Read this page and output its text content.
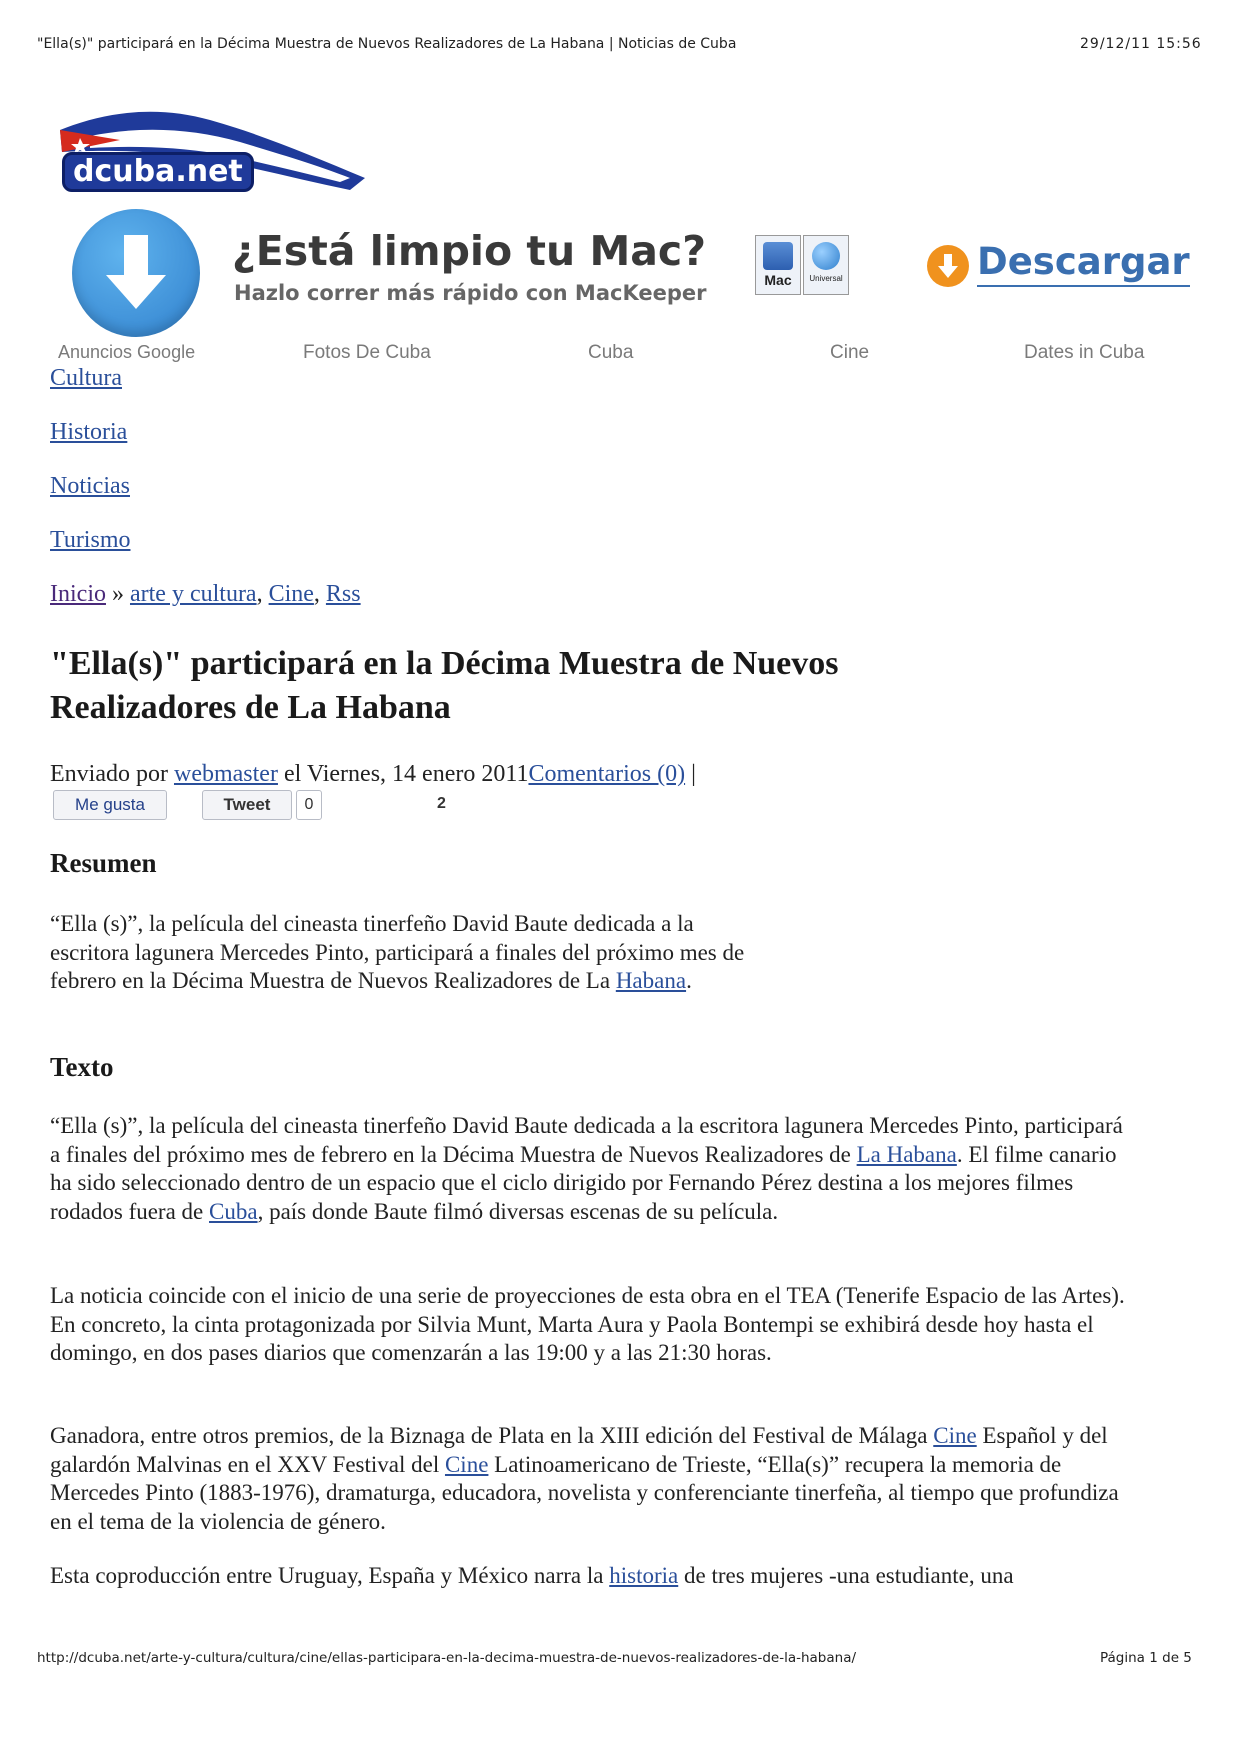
"Ella(s)" participará en la Décima Muestra de Nuevos Realizadores de La Habana | Noticias de Cuba	29/12/11 15:56
dcuba.net
¿Está limpio tu Mac?
Hazlo correr más rápido con MacKeeper
Mac	Universal	Descargar
Anuncios Google	Fotos De Cuba	Cuba	Cine	Dates in Cuba
Cultura
Historia
Noticias
Turismo
Inicio » arte y cultura, Cine, Rss
"Ella(s)" participará en la Décima Muestra de Nuevos Realizadores de La Habana
Enviado por webmaster el Viernes, 14 enero 2011Comentarios (0) |
Me gusta	Tweet	0	2
Resumen

“Ella (s)”, la película del cineasta tinerfeño David Baute dedicada a la escritora lagunera Mercedes Pinto, participará a finales del próximo mes de febrero en la Décima Muestra de Nuevos Realizadores de La Habana.

Texto

“Ella (s)”, la película del cineasta tinerfeño David Baute dedicada a la escritora lagunera Mercedes Pinto, participará a finales del próximo mes de febrero en la Décima Muestra de Nuevos Realizadores de La Habana. El filme canario ha sido seleccionado dentro de un espacio que el ciclo dirigido por Fernando Pérez destina a los mejores filmes rodados fuera de Cuba, país donde Baute filmó diversas escenas de su película.

La noticia coincide con el inicio de una serie de proyecciones de esta obra en el TEA (Tenerife Espacio de las Artes). En concreto, la cinta protagonizada por Silvia Munt, Marta Aura y Paola Bontempi se exhibirá desde hoy hasta el domingo, en dos pases diarios que comenzarán a las 19:00 y a las 21:30 horas.

Ganadora, entre otros premios, de la Biznaga de Plata en la XIII edición del Festival de Málaga Cine Español y del galardón Malvinas en el XXV Festival del Cine Latinoamericano de Trieste, “Ella(s)” recupera la memoria de Mercedes Pinto (1883-1976), dramaturga, educadora, novelista y conferenciante tinerfeña, al tiempo que profundiza en el tema de la violencia de género.

Esta coproducción entre Uruguay, España y México narra la historia de tres mujeres -una estudiante, una

http://dcuba.net/arte-y-cultura/cultura/cine/ellas-participara-en-la-decima-muestra-de-nuevos-realizadores-de-la-habana/	Página 1 de 5
